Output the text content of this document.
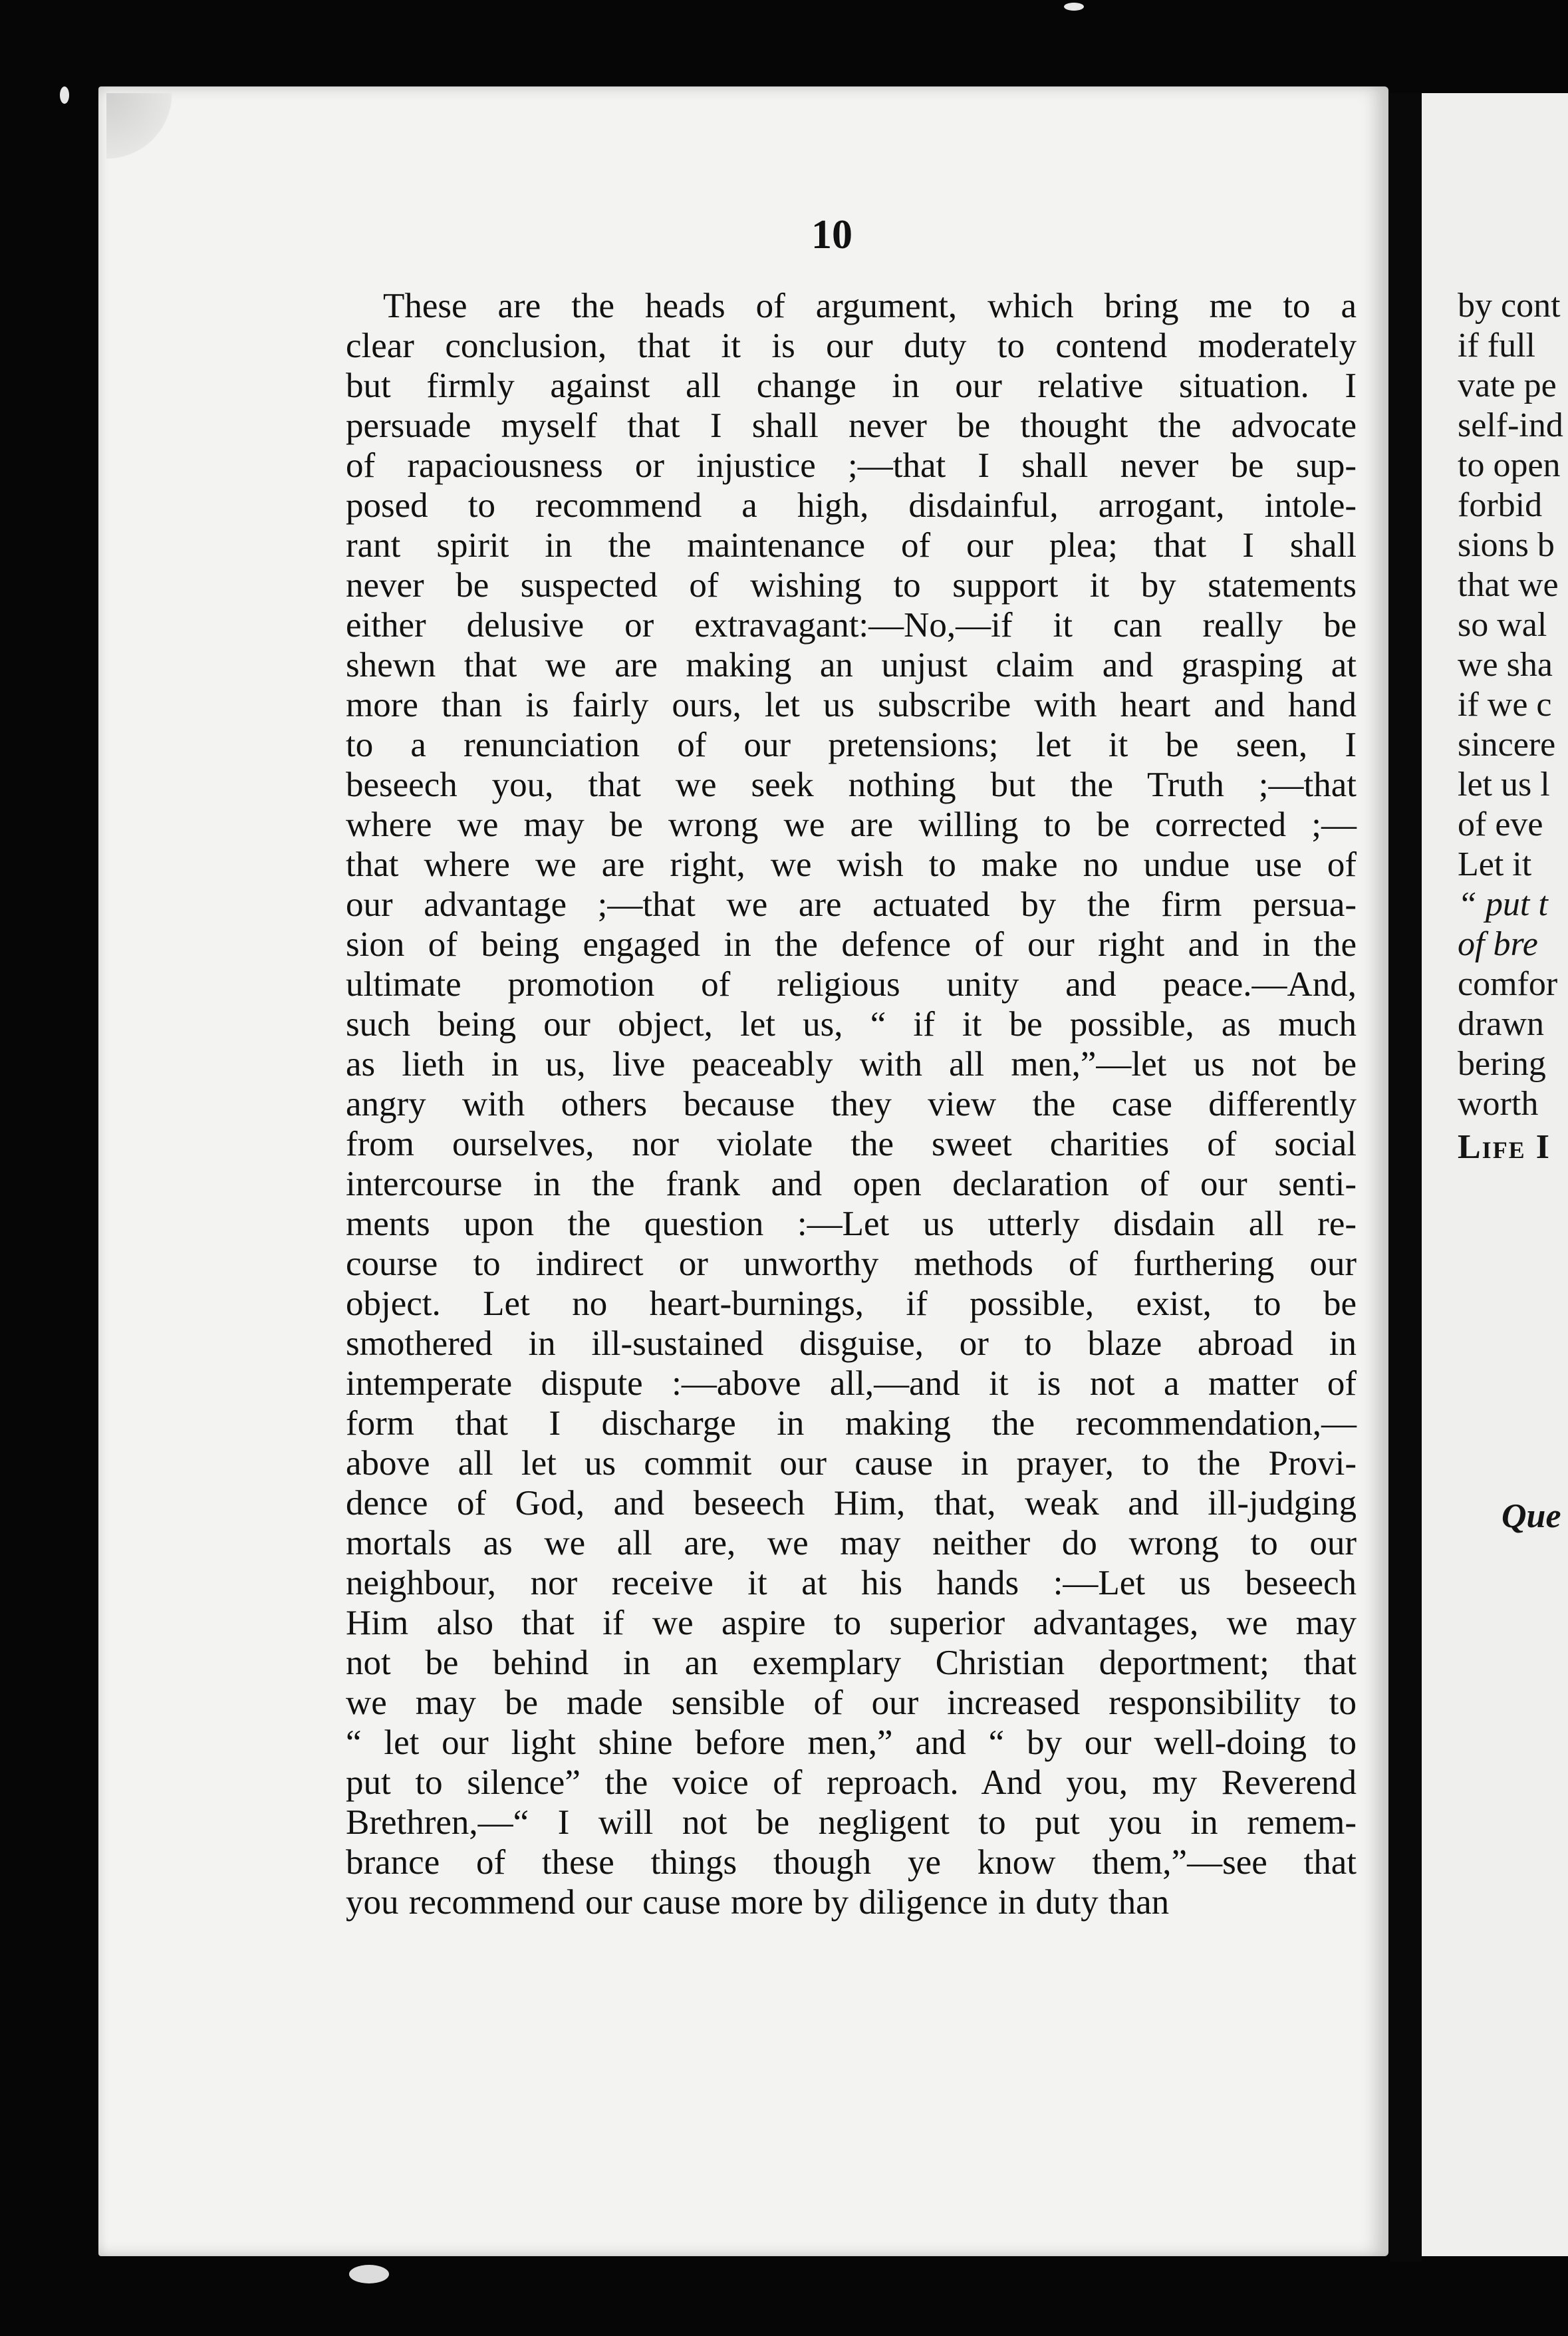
by cont
if full
vate pe
self-ind
to open
forbid
sions b
that we
so wal
we sha
if we c
sincere
let us l
of eve
Let it
“ put t
of bre
comfor
drawn
bering
worth
Life I
Que
10
These are the heads of argument, which bring me to a
clear conclusion, that it is our duty to contend moderately
but firmly against all change in our relative situation. I
persuade myself that I shall never be thought the advocate
of rapaciousness or injustice ;—that I shall never be sup-
posed to recommend a high, disdainful, arrogant, intole-
rant spirit in the maintenance of our plea; that I shall
never be suspected of wishing to support it by statements
either delusive or extravagant:—No,—if it can really be
shewn that we are making an unjust claim and grasping at
more than is fairly ours, let us subscribe with heart and hand
to a renunciation of our pretensions; let it be seen, I
beseech you, that we seek nothing but the Truth ;—that
where we may be wrong we are willing to be corrected ;—
that where we are right, we wish to make no undue use of
our advantage ;—that we are actuated by the firm persua-
sion of being engaged in the defence of our right and in the
ultimate promotion of religious unity and peace.—And,
such being our object, let us, “ if it be possible, as much
as lieth in us, live peaceably with all men,”—let us not be
angry with others because they view the case differently
from ourselves, nor violate the sweet charities of social
intercourse in the frank and open declaration of our senti-
ments upon the question :—Let us utterly disdain all re-
course to indirect or unworthy methods of furthering our
object. Let no heart-burnings, if possible, exist, to be
smothered in ill-sustained disguise, or to blaze abroad in
intemperate dispute :—above all,—and it is not a matter of
form that I discharge in making the recommendation,—
above all let us commit our cause in prayer, to the Provi-
dence of God, and beseech Him, that, weak and ill-judging
mortals as we all are, we may neither do wrong to our
neighbour, nor receive it at his hands :—Let us beseech
Him also that if we aspire to superior advantages, we may
not be behind in an exemplary Christian deportment; that
we may be made sensible of our increased responsibility to
“ let our light shine before men,” and “ by our well-doing to
put to silence” the voice of reproach. And you, my Reverend
Brethren,—“ I will not be negligent to put you in remem-
brance of these things though ye know them,”—see that
you recommend our cause more by diligence in duty than
